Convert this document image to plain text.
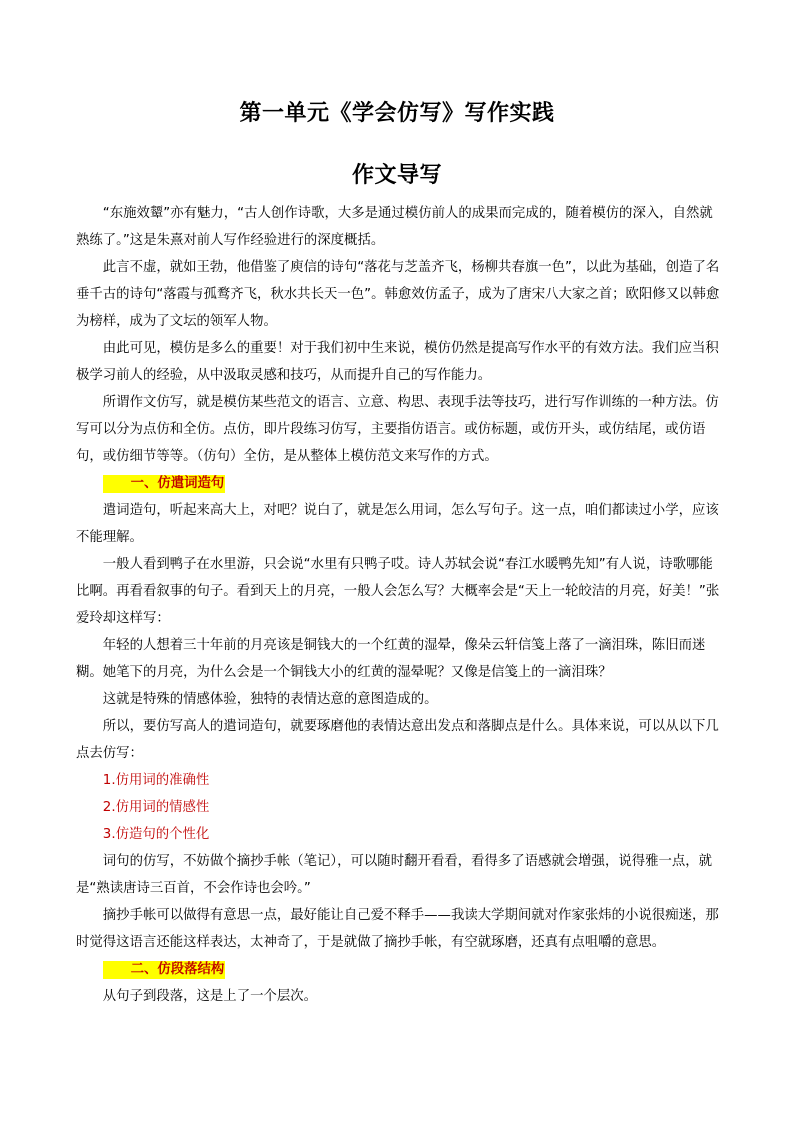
第一单元《学会仿写》写作实践
作文导写

“东施效颦”亦有魅力，“古人创作诗歌，大多是通过模仿前人的成果而完成的，随着模仿的深入，自然就熟练了。”这是朱熹对前人写作经验进行的深度概括。

此言不虚，就如王勃，他借鉴了庾信的诗句“落花与芝盖齐飞，杨柳共春旗一色”，以此为基础，创造了名垂千古的诗句“落霞与孤鹜齐飞，秋水共长天一色”。韩愈效仿孟子，成为了唐宋八大家之首；欧阳修又以韩愈为榜样，成为了文坛的领军人物。

由此可见，模仿是多么的重要！对于我们初中生来说，模仿仍然是提高写作水平的有效方法。我们应当积极学习前人的经验，从中汲取灵感和技巧，从而提升自己的写作能力。

所谓作文仿写，就是模仿某些范文的语言、立意、构思、表现手法等技巧，进行写作训练的一种方法。仿写可以分为点仿和全仿。点仿，即片段练习仿写，主要指仿语言。或仿标题，或仿开头，或仿结尾，或仿语句，或仿细节等等。（仿句）全仿，是从整体上模仿范文来写作的方式。

一、仿遣词造句

遣词造句，听起来高大上，对吧？说白了，就是怎么用词，怎么写句子。这一点，咱们都读过小学，应该不能理解。

一般人看到鸭子在水里游，只会说“水里有只鸭子哎。诗人苏轼会说“春江水暖鸭先知”有人说，诗歌哪能比啊。再看看叙事的句子。看到天上的月亮，一般人会怎么写？大概率会是“天上一轮皎洁的月亮，好美！”张爱玲却这样写：

年轻的人想着三十年前的月亮该是铜钱大的一个红黄的湿晕，像朵云轩信笺上落了一滴泪珠，陈旧而迷糊。她笔下的月亮，为什么会是一个铜钱大小的红黄的湿晕呢？又像是信笺上的一滴泪珠？

这就是特殊的情感体验，独特的表情达意的意图造成的。

所以，要仿写高人的遣词造句，就要琢磨他的表情达意出发点和落脚点是什么。具体来说，可以从以下几点去仿写：

1.仿用词的准确性

2.仿用词的情感性

3.仿造句的个性化

词句的仿写，不妨做个摘抄手帐（笔记），可以随时翻开看看，看得多了语感就会增强，说得雅一点，就是“熟读唐诗三百首，不会作诗也会吟。”

摘抄手帐可以做得有意思一点，最好能让自己爱不释手——我读大学期间就对作家张炜的小说很痴迷，那时觉得这语言还能这样表达，太神奇了，于是就做了摘抄手帐，有空就琢磨，还真有点咀嚼的意思。

二、仿段落结构

从句子到段落，这是上了一个层次。
